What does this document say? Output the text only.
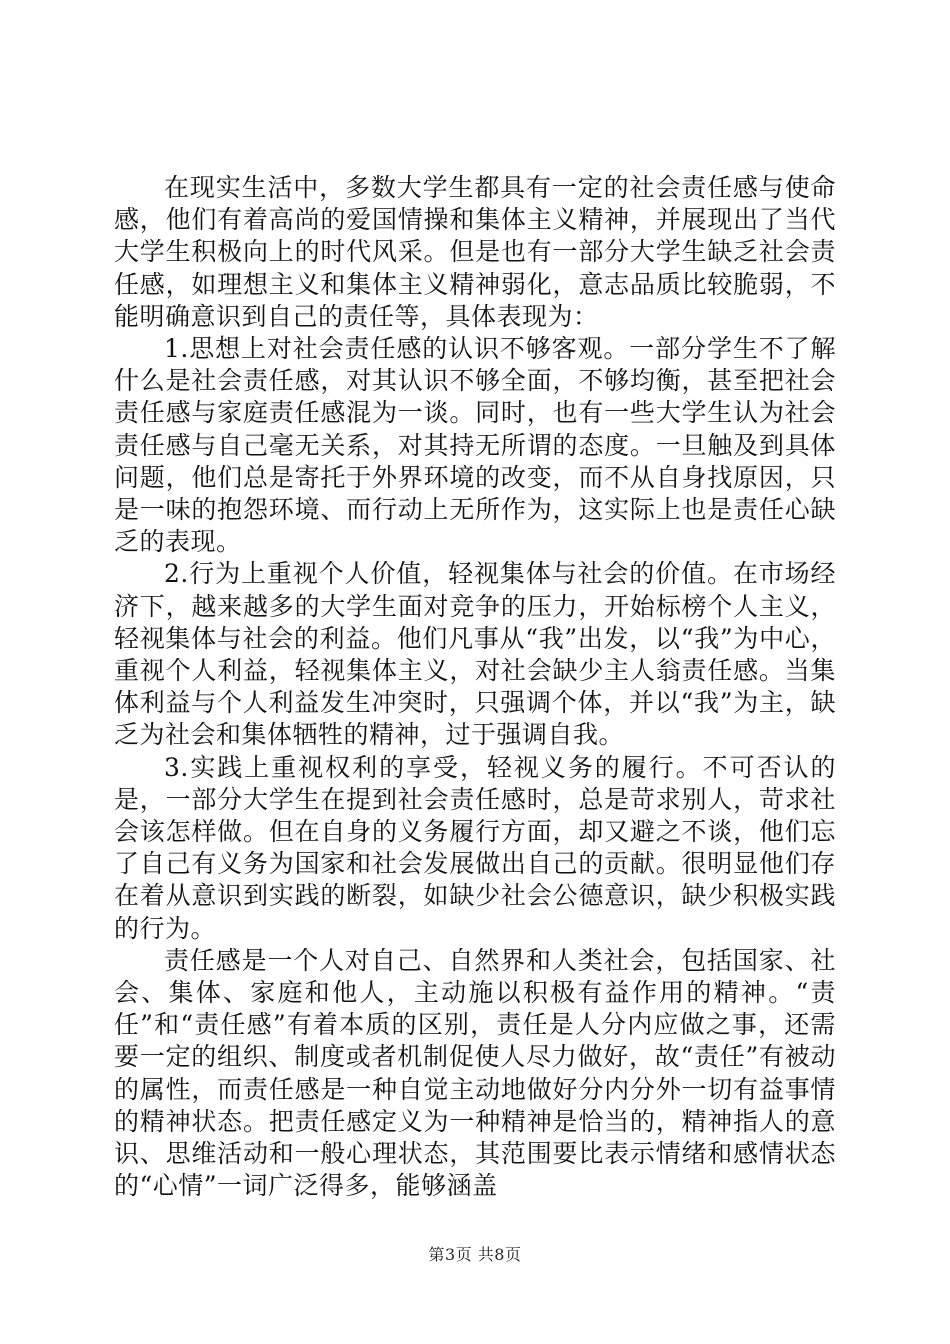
在现实生活中，多数大学生都具有一定的社会责任感与使命感，他们有着高尚的爱国情操和集体主义精神，并展现出了当代大学生积极向上的时代风采。但是也有一部分大学生缺乏社会责任感，如理想主义和集体主义精神弱化，意志品质比较脆弱，不能明确意识到自己的责任等，具体表现为：

1.思想上对社会责任感的认识不够客观。一部分学生不了解什么是社会责任感，对其认识不够全面，不够均衡，甚至把社会责任感与家庭责任感混为一谈。同时，也有一些大学生认为社会责任感与自己毫无关系，对其持无所谓的态度。一旦触及到具体问题，他们总是寄托于外界环境的改变，而不从自身找原因，只是一味的抱怨环境、而行动上无所作为，这实际上也是责任心缺乏的表现。

2.行为上重视个人价值，轻视集体与社会的价值。在市场经济下，越来越多的大学生面对竞争的压力，开始标榜个人主义，轻视集体与社会的利益。他们凡事从“我”出发，以“我”为中心，重视个人利益，轻视集体主义，对社会缺少主人翁责任感。当集体利益与个人利益发生冲突时，只强调个体，并以“我”为主，缺乏为社会和集体牺牲的精神，过于强调自我。

3.实践上重视权利的享受，轻视义务的履行。不可否认的是，一部分大学生在提到社会责任感时，总是苛求别人，苛求社会该怎样做。但在自身的义务履行方面，却又避之不谈，他们忘了自己有义务为国家和社会发展做出自己的贡献。很明显他们存在着从意识到实践的断裂，如缺少社会公德意识，缺少积极实践的行为。

责任感是一个人对自己、自然界和人类社会，包括国家、社会、集体、家庭和他人，主动施以积极有益作用的精神。“责任”和“责任感”有着本质的区别，责任是人分内应做之事，还需要一定的组织、制度或者机制促使人尽力做好，故“责任”有被动的属性，而责任感是一种自觉主动地做好分内分外一切有益事情的精神状态。把责任感定义为一种精神是恰当的，精神指人的意识、思维活动和一般心理状态，其范围要比表示情绪和感情状态的“心情”一词广泛得多，能够涵盖

第3页 共8页
